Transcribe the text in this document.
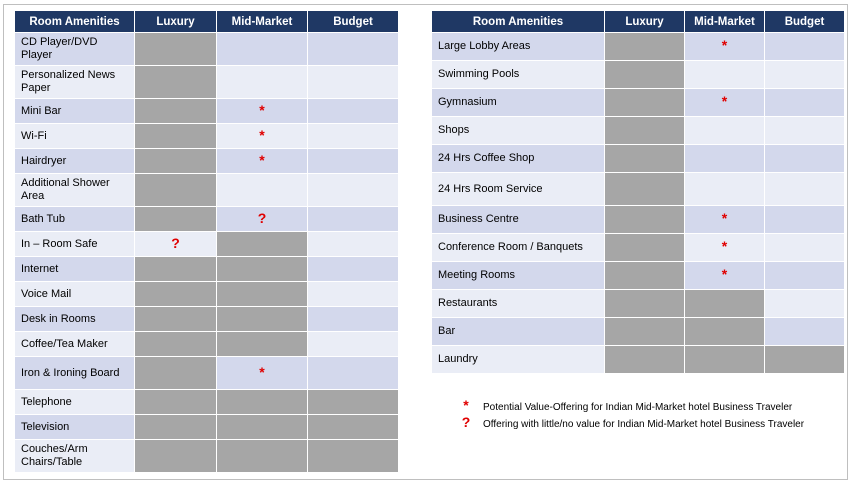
Room Amenities	Luxury	Mid-Market	Budget
CD Player/DVD Player			
Personalized News Paper			
Mini Bar		*	
Wi-Fi		*	
Hairdryer		*	
Additional Shower Area			
Bath Tub		?	
In – Room Safe	?		
Internet			
Voice Mail			
Desk in Rooms			
Coffee/Tea Maker			
Iron & Ironing Board		*	
Telephone			
Television			
Couches/Arm Chairs/Table			
Room Amenities	Luxury	Mid-Market	Budget
Large Lobby Areas		*	
Swimming Pools			
Gymnasium		*	
Shops			
24 Hrs Coffee Shop			
24 Hrs Room Service			
Business Centre		*	
Conference Room / Banquets		*	
Meeting Rooms		*	
Restaurants			
Bar			
Laundry			
* Potential Value-Offering for Indian Mid-Market hotel Business Traveler
? Offering with little/no value for Indian Mid-Market hotel Business Traveler
